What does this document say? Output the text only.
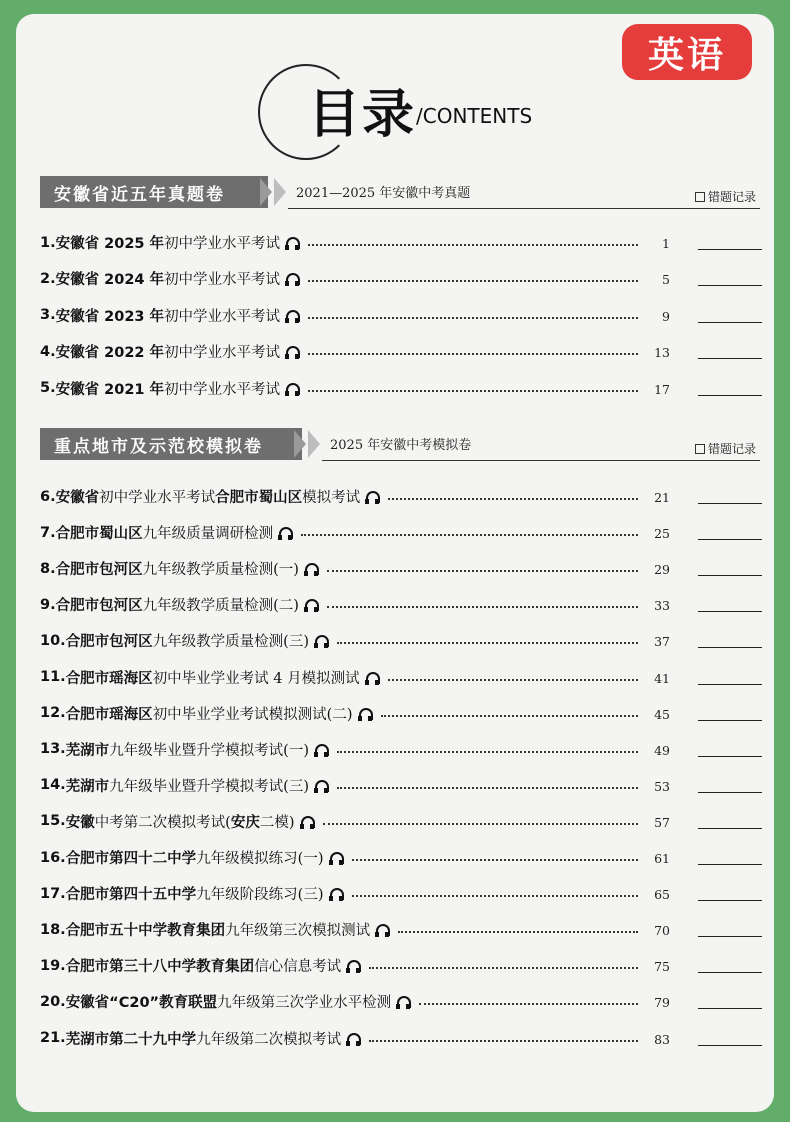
英语
目录 /CONTENTS
安徽省近五年真题卷	2021—2025 年安徽中考真题	错题记录
1. 安徽省 2025 年 初中学业水平考试	1
2. 安徽省 2024 年 初中学业水平考试	5
3. 安徽省 2023 年 初中学业水平考试	9
4. 安徽省 2022 年 初中学业水平考试	13
5. 安徽省 2021 年 初中学业水平考试	17
重点地市及示范校模拟卷	2025 年安徽中考模拟卷	错题记录
6. 安徽省 初中学业水平考试 合肥市蜀山区 模拟考试	21
7. 合肥市蜀山区 九年级质量调研检测	25
8. 合肥市包河区 九年级教学质量检测(一)	29
9. 合肥市包河区 九年级教学质量检测(二)	33
10. 合肥市包河区 九年级教学质量检测(三)	37
11. 合肥市瑶海区 初中毕业学业考试 4 月模拟测试	41
12. 合肥市瑶海区 初中毕业学业考试模拟测试(二)	45
13. 芜湖市 九年级毕业暨升学模拟考试(一)	49
14. 芜湖市 九年级毕业暨升学模拟考试(三)	53
15. 安徽 中考第二次模拟考试( 安庆 二模)	57
16. 合肥市第四十二中学 九年级模拟练习(一)	61
17. 合肥市第四十五中学 九年级阶段练习(三)	65
18. 合肥市五十中学教育集团 九年级第三次模拟测试	70
19. 合肥市第三十八中学教育集团 信心信息考试	75
20. 安徽省“C20”教育联盟 九年级第三次学业水平检测	79
21. 芜湖市第二十九中学 九年级第二次模拟考试	83
